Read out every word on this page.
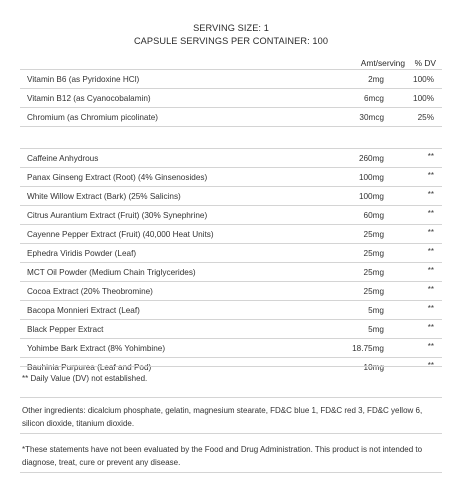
SERVING SIZE: 1
CAPSULE SERVINGS PER CONTAINER: 100
Amt/serving % DV
Vitamin B6 (as Pyridoxine HCl)	2mg	100%
Vitamin B12 (as Cyanocobalamin)	6mcg	100%
Chromium (as Chromium picolinate)	30mcg	25%
Caffeine Anhydrous	260mg	**
Panax Ginseng Extract (Root) (4% Ginsenosides)	100mg	**
White Willow Extract (Bark) (25% Salicins)	100mg	**
Citrus Aurantium Extract (Fruit) (30% Synephrine)	60mg	**
Cayenne Pepper Extract (Fruit) (40,000 Heat Units)	25mg	**
Ephedra Viridis Powder (Leaf)	25mg	**
MCT Oil Powder (Medium Chain Triglycerides)	25mg	**
Cocoa Extract (20% Theobromine)	25mg	**
Bacopa Monnieri Extract (Leaf)	5mg	**
Black Pepper Extract	5mg	**
Yohimbe Bark Extract (8% Yohimbine)	18.75mg	**
Bauhinia Purpurea (Leaf and Pod)	10mg	**
** Daily Value (DV) not established.
Other ingredients: dicalcium phosphate, gelatin, magnesium stearate, FD&C blue 1, FD&C red 3, FD&C yellow 6, silicon dioxide, titanium dioxide.
*These statements have not been evaluated by the Food and Drug Administration. This product is not intended to diagnose, treat, cure or prevent any disease.
